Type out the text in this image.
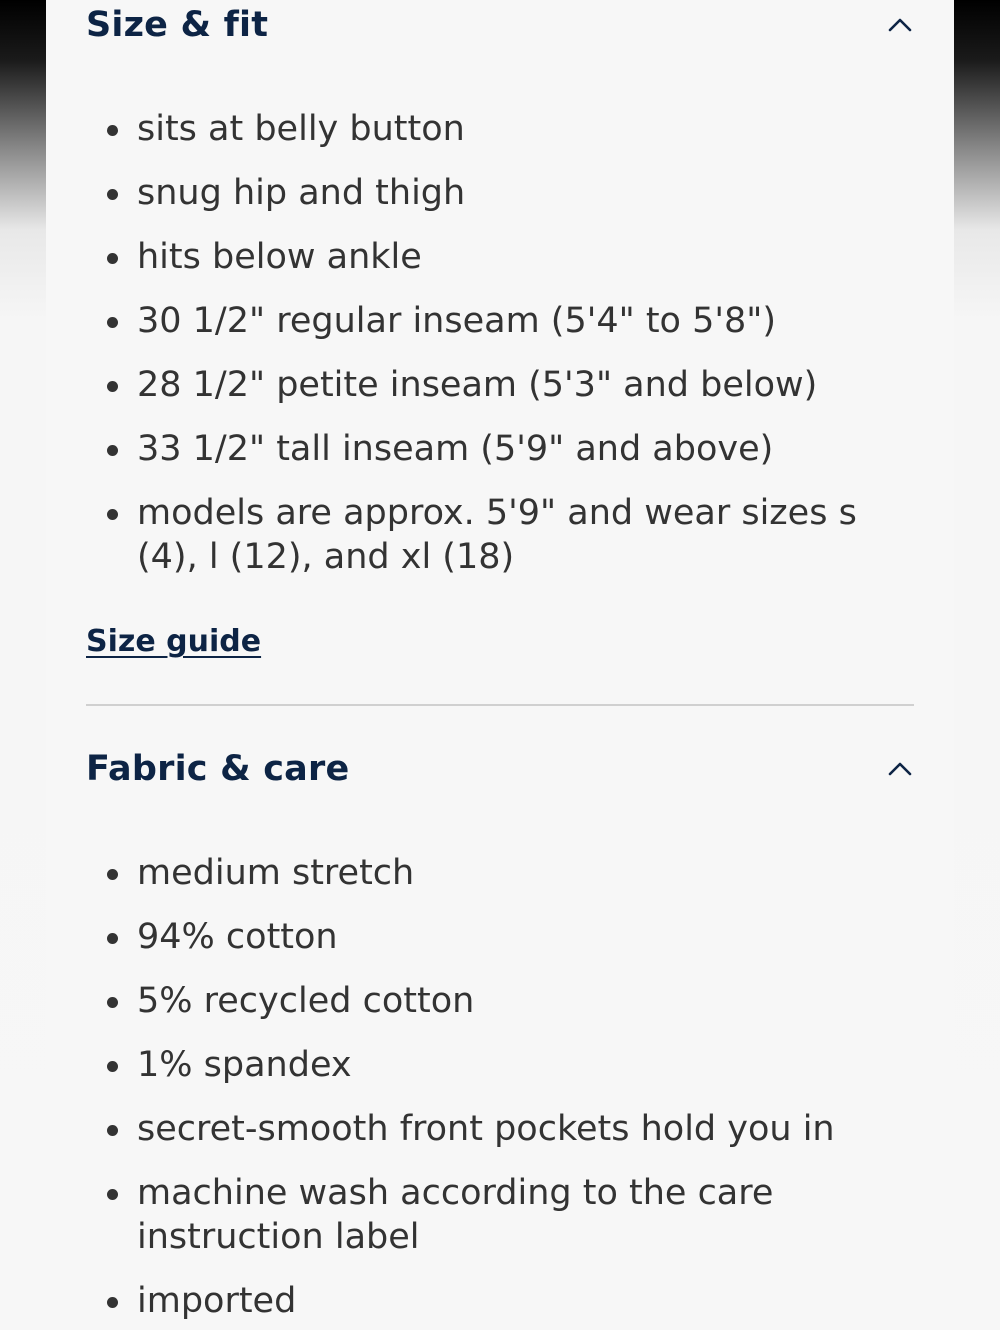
Size & fit
sits at belly button
snug hip and thigh
hits below ankle
30 1/2" regular inseam (5'4" to 5'8")
28 1/2" petite inseam (5'3" and below)
33 1/2" tall inseam (5'9" and above)
models are approx. 5'9" and wear sizes s (4), l (12), and xl (18)
Size guide
Fabric & care
medium stretch
94% cotton
5% recycled cotton
1% spandex
secret-smooth front pockets hold you in
machine wash according to the care instruction label
imported
